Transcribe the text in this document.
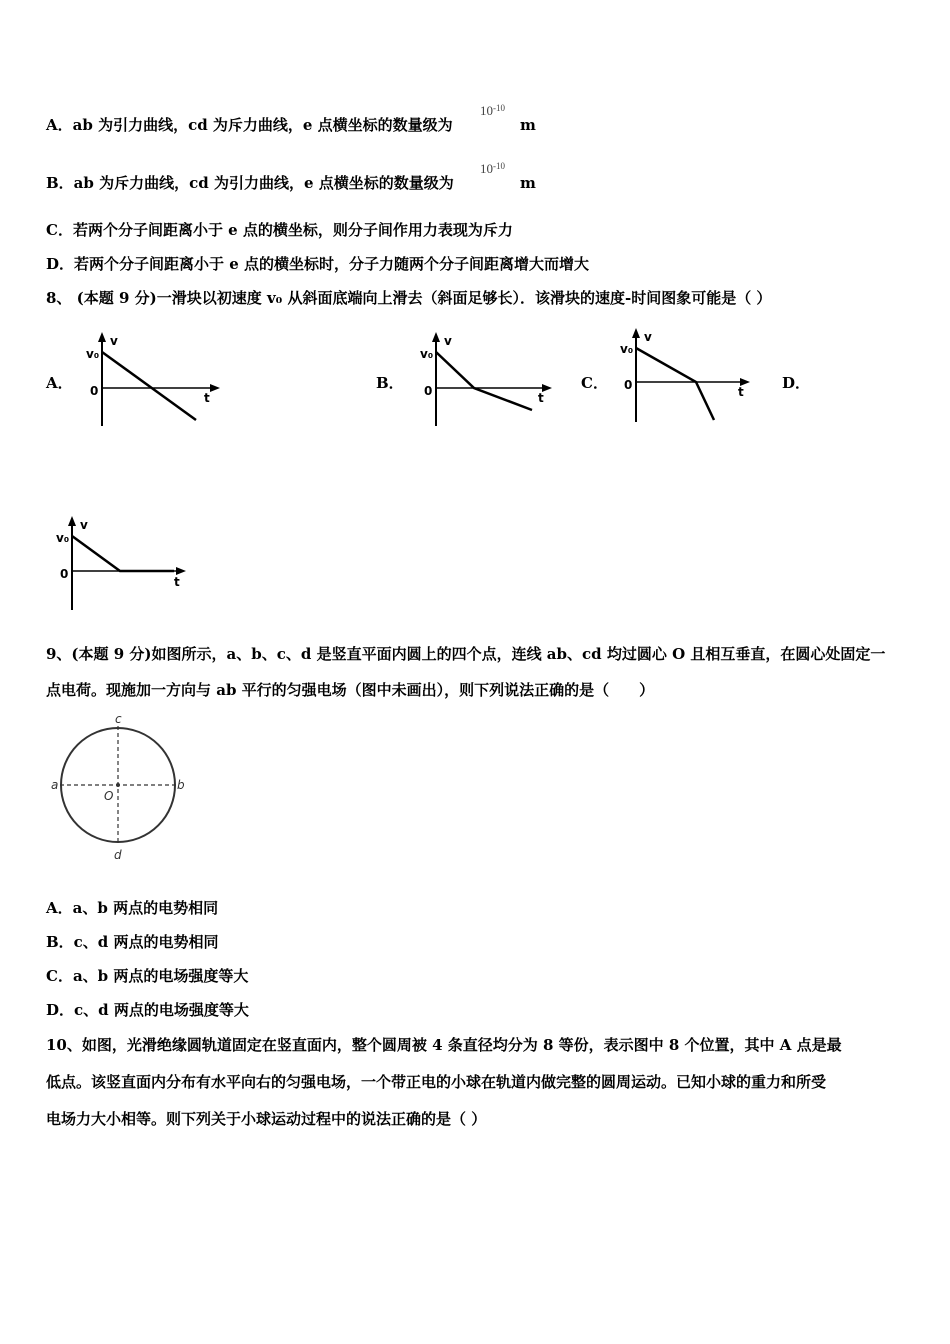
A．ab 为引力曲线，cd 为斥力曲线，e 点横坐标的数量级为
$10^{-10}$
m
B．ab 为斥力曲线，cd 为引力曲线，e 点横坐标的数量级为
$10^{-10}$
m
C．若两个分子间距离小于 e 点的横坐标，则分子间作用力表现为斥力
D．若两个分子间距离小于 e 点的横坐标时，分子力随两个分子间距离增大而增大
8、 (本题 9 分)一滑块以初速度 v₀ 从斜面底端向上滑去（斜面足够长）．该滑块的速度-时间图象可能是（ ）
A．	B．	C．	D．
v
v₀
0	t
v
v₀
0	t
v
v₀
0	t
v
v₀
0
t
9、(本题 9 分)如图所示，a、b、c、d 是竖直平面内圆上的四个点，连线 ab、cd 均过圆心 O 且相互垂直，在圆心处固定一
点电荷。现施加一方向与 ab 平行的匀强电场（图中未画出），则下列说法正确的是（　　）
a	b
c
d
O
A．a、b 两点的电势相同
B．c、d 两点的电势相同
C．a、b 两点的电场强度等大
D．c、d 两点的电场强度等大
10、如图，光滑绝缘圆轨道固定在竖直面内，整个圆周被 4 条直径均分为 8 等份，表示图中 8 个位置，其中 A 点是最
低点。该竖直面内分布有水平向右的匀强电场，一个带正电的小球在轨道内做完整的圆周运动。已知小球的重力和所受
电场力大小相等。则下列关于小球运动过程中的说法正确的是（ ）
